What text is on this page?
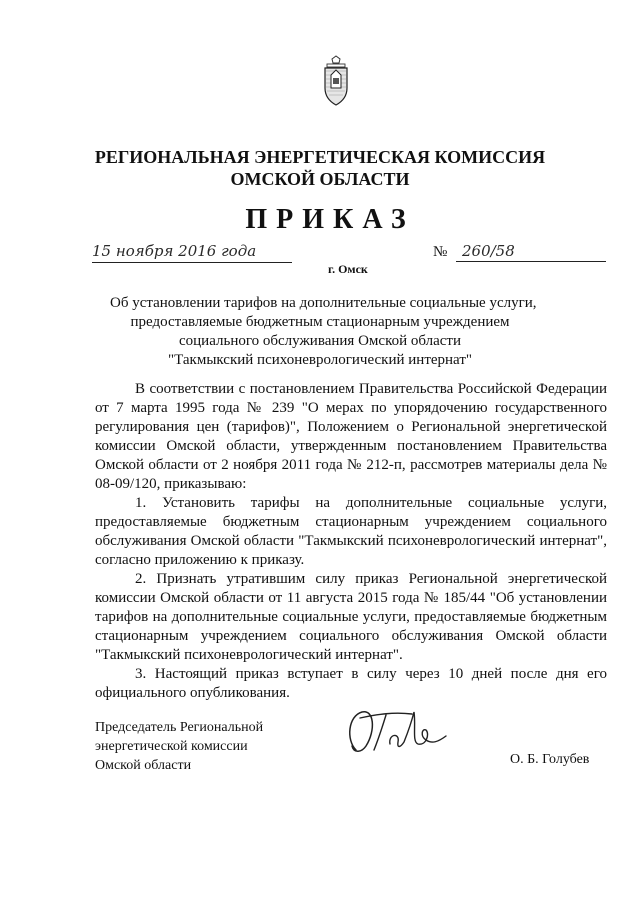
РЕГИОНАЛЬНАЯ ЭНЕРГЕТИЧЕСКАЯ КОМИССИЯ
ОМСКОЙ ОБЛАСТИ
ПРИКАЗ
15 ноября 2016 года	№ 260/58
г. Омск
Об установлении тарифов на дополнительные социальные услуги,
предоставляемые бюджетным стационарным учреждением
социального обслуживания Омской области
"Такмыкский психоневрологический интернат"

В соответствии с постановлением Правительства Российской Федерации от 7 марта 1995 года № 239 "О мерах по упорядочению государственного регулирования цен (тарифов)", Положением о Региональной энергетической комиссии Омской области, утвержденным постановлением Правительства Омской области от 2 ноября 2011 года № 212-п, рассмотрев материалы дела № 08-09/120, приказываю:

1. Установить тарифы на дополнительные социальные услуги, предоставляемые бюджетным стационарным учреждением социального обслуживания Омской области "Такмыкский психоневрологический интернат", согласно приложению к приказу.

2. Признать утратившим силу приказ Региональной энергетической комиссии Омской области от 11 августа 2015 года № 185/44 "Об установлении тарифов на дополнительные социальные услуги, предоставляемые бюджетным стационарным учреждением социального обслуживания Омской области "Такмыкский психоневрологический интернат".

3. Настоящий приказ вступает в силу через 10 дней после дня его официального опубликования.

Председатель Региональной
энергетической комиссии
Омской области	О. Б. Голубев
